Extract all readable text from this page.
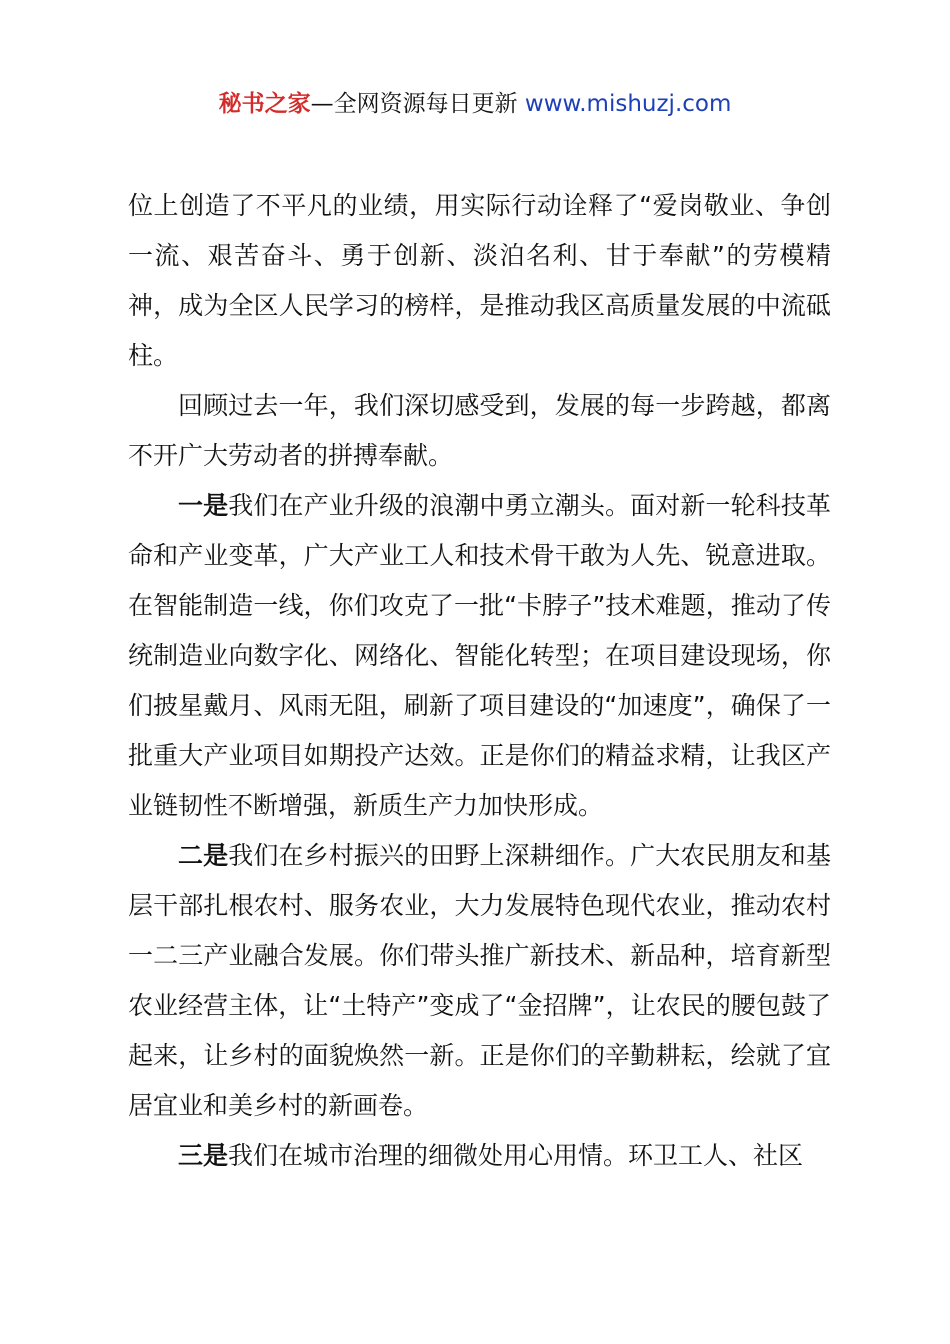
秘书之家—全网资源每日更新 www.mishuzj.com

位上创造了不平凡的业绩，用实际行动诠释了“爱岗敬业、争创一流、艰苦奋斗、勇于创新、淡泊名利、甘于奉献”的劳模精神，成为全区人民学习的榜样，是推动我区高质量发展的中流砥柱。

回顾过去一年，我们深切感受到，发展的每一步跨越，都离不开广大劳动者的拼搏奉献。

一是我们在产业升级的浪潮中勇立潮头。面对新一轮科技革命和产业变革，广大产业工人和技术骨干敢为人先、锐意进取。在智能制造一线，你们攻克了一批“卡脖子”技术难题，推动了传统制造业向数字化、网络化、智能化转型；在项目建设现场，你们披星戴月、风雨无阻，刷新了项目建设的“加速度”，确保了一批重大产业项目如期投产达效。正是你们的精益求精，让我区产业链韧性不断增强，新质生产力加快形成。

二是我们在乡村振兴的田野上深耕细作。广大农民朋友和基层干部扎根农村、服务农业，大力发展特色现代农业，推动农村一二三产业融合发展。你们带头推广新技术、新品种，培育新型农业经营主体，让“土特产”变成了“金招牌”，让农民的腰包鼓了起来，让乡村的面貌焕然一新。正是你们的辛勤耕耘，绘就了宜居宜业和美乡村的新画卷。

三是我们在城市治理的细微处用心用情。环卫工人、社区
